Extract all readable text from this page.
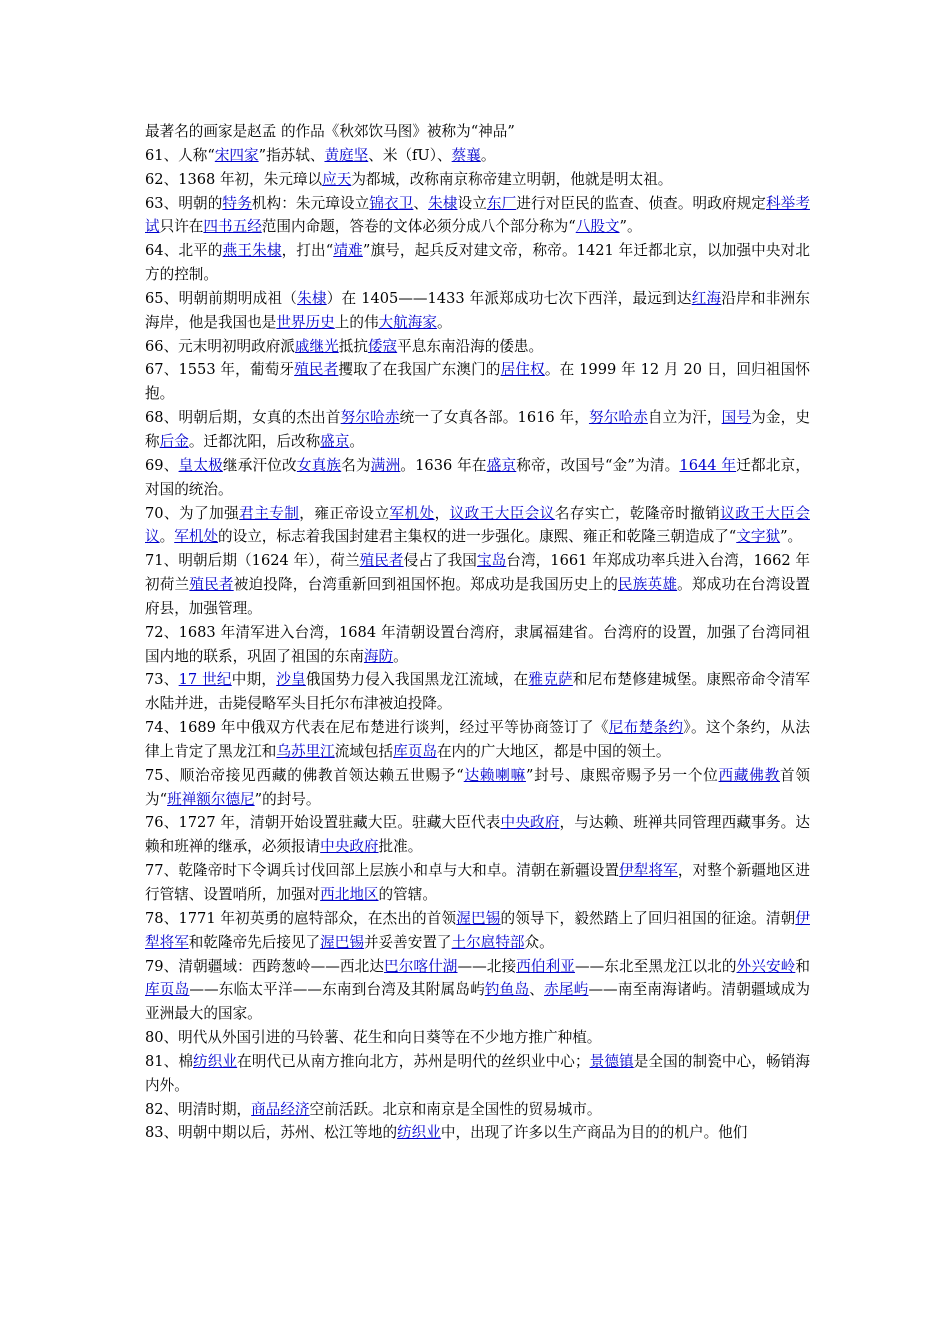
最著名的画家是赵孟 的作品《秋郊饮马图》被称为“神品”

61、人称“宋四家”指苏轼、黄庭坚、米（fU）、蔡襄。

62、1368 年初，朱元璋以应天为都城，改称南京称帝建立明朝，他就是明太祖。

63、明朝的特务机构：朱元璋设立锦衣卫、朱棣设立东厂进行对臣民的监查、侦查。明政府规定科举考试只许在四书五经范围内命题，答卷的文体必须分成八个部分称为“八股文”。

64、北平的燕王朱棣，打出“靖难”旗号，起兵反对建文帝，称帝。1421 年迁都北京，以加强中央对北方的控制。

65、明朝前期明成祖（朱棣）在 1405——1433 年派郑成功七次下西洋，最远到达红海沿岸和非洲东海岸，他是我国也是世界历史上的伟大航海家。

66、元末明初明政府派戚继光抵抗倭寇平息东南沿海的倭患。

67、1553 年，葡萄牙殖民者攫取了在我国广东澳门的居住权。在 1999 年 12 月 20 日，回归祖国怀抱。

68、明朝后期，女真的杰出首努尔哈赤统一了女真各部。1616 年，努尔哈赤自立为汗，国号为金，史称后金。迁都沈阳，后改称盛京。

69、皇太极继承汗位改女真族名为满洲。1636 年在盛京称帝，改国号“金”为清。1644 年迁都北京，对国的统治。

70、为了加强君主专制，雍正帝设立军机处，议政王大臣会议名存实亡，乾隆帝时撤销议政王大臣会议。军机处的设立，标志着我国封建君主集权的进一步强化。康熙、雍正和乾隆三朝造成了“文字狱”。

71、明朝后期（1624 年），荷兰殖民者侵占了我国宝岛台湾，1661 年郑成功率兵进入台湾，1662 年初荷兰殖民者被迫投降，台湾重新回到祖国怀抱。郑成功是我国历史上的民族英雄。郑成功在台湾设置府县，加强管理。

72、1683 年清军进入台湾，1684 年清朝设置台湾府，隶属福建省。台湾府的设置，加强了台湾同祖国内地的联系，巩固了祖国的东南海防。

73、17 世纪中期，沙皇俄国势力侵入我国黑龙江流域，在雅克萨和尼布楚修建城堡。康熙帝命令清军水陆并进，击毙侵略军头目托尔布津被迫投降。

74、1689 年中俄双方代表在尼布楚进行谈判，经过平等协商签订了《尼布楚条约》。这个条约，从法律上肯定了黑龙江和乌苏里江流域包括库页岛在内的广大地区，都是中国的领土。

75、顺治帝接见西藏的佛教首领达赖五世赐予“达赖喇嘛”封号、康熙帝赐予另一个位西藏佛教首领为“班禅额尔德尼”的封号。

76、1727 年，清朝开始设置驻藏大臣。驻藏大臣代表中央政府，与达赖、班禅共同管理西藏事务。达赖和班禅的继承，必须报请中央政府批准。

77、乾隆帝时下令调兵讨伐回部上层族小和卓与大和卓。清朝在新疆设置伊犁将军，对整个新疆地区进行管辖、设置哨所，加强对西北地区的管辖。

78、1771 年初英勇的扈特部众，在杰出的首领渥巴锡的领导下，毅然踏上了回归祖国的征途。清朝伊犁将军和乾隆帝先后接见了渥巴锡并妥善安置了土尔扈特部众。

79、清朝疆域：西跨葱岭——西北达巴尔喀什湖——北接西伯利亚——东北至黑龙江以北的外兴安岭和库页岛——东临太平洋——东南到台湾及其附属岛屿钓鱼岛、赤尾屿——南至南海诸屿。清朝疆域成为亚洲最大的国家。

80、明代从外国引进的马铃薯、花生和向日葵等在不少地方推广种植。

81、棉纺织业在明代已从南方推向北方，苏州是明代的丝织业中心；景德镇是全国的制瓷中心，畅销海内外。

82、明清时期，商品经济空前活跃。北京和南京是全国性的贸易城市。

83、明朝中期以后，苏州、松江等地的纺织业中，出现了许多以生产商品为目的的机户。他们
